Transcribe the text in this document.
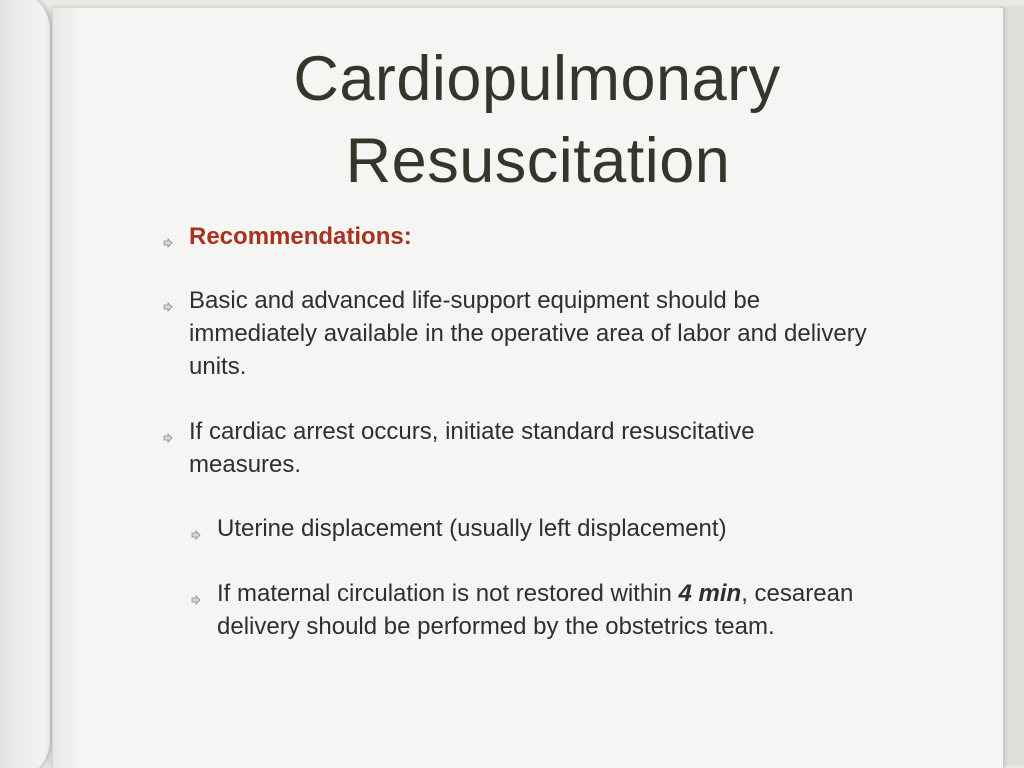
Cardiopulmonary
Resuscitation
Recommendations:
Basic and advanced life-support equipment should be immediately available in the operative area of labor and delivery units.
If cardiac arrest occurs, initiate standard resuscitative measures.
Uterine displacement (usually left displacement)
If maternal circulation is not restored within 4 min, cesarean delivery should be performed by the obstetrics team.
